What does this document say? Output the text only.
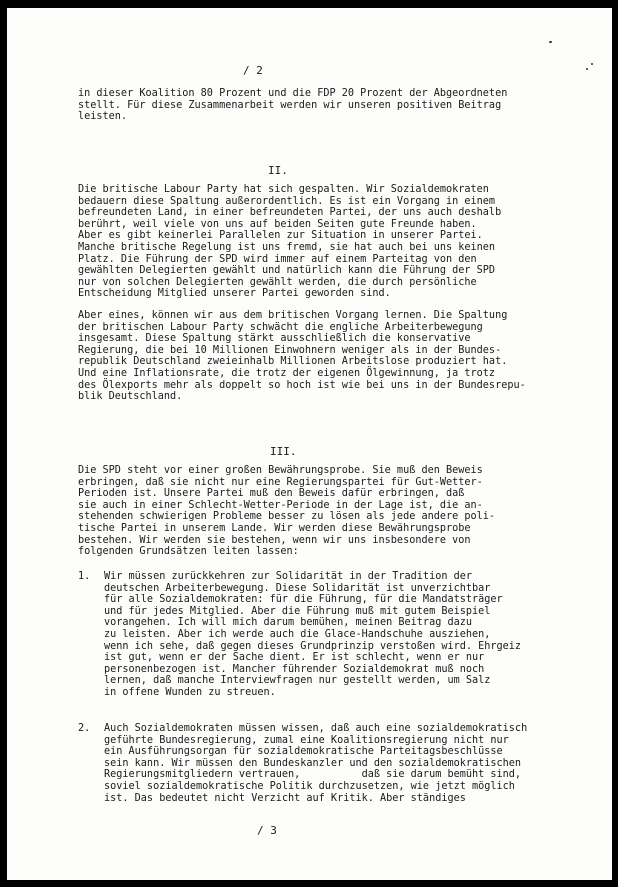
/ 2
in dieser Koalition 80 Prozent und die FDP 20 Prozent der Abgeordneten
stellt. Für diese Zusammenarbeit werden wir unseren positiven Beitrag
leisten.
II.
Die britische Labour Party hat sich gespalten. Wir Sozialdemokraten
bedauern diese Spaltung außerordentlich. Es ist ein Vorgang in einem
befreundeten Land, in einer befreundeten Partei, der uns auch deshalb
berührt, weil viele von uns auf beiden Seiten gute Freunde haben.
Aber es gibt keinerlei Parallelen zur Situation in unserer Partei.
Manche britische Regelung ist uns fremd, sie hat auch bei uns keinen
Platz. Die Führung der SPD wird immer auf einem Parteitag von den
gewählten Delegierten gewählt und natürlich kann die Führung der SPD
nur von solchen Delegierten gewählt werden, die durch persönliche
Entscheidung Mitglied unserer Partei geworden sind.
Aber eines, können wir aus dem britischen Vorgang lernen. Die Spaltung
der britischen Labour Party schwächt die engliche Arbeiterbewegung
insgesamt. Diese Spaltung stärkt ausschließlich die konservative
Regierung, die bei 10 Millionen Einwohnern weniger als in der Bundes-
republik Deutschland zweieinhalb Millionen Arbeitslose produziert hat.
Und eine Inflationsrate, die trotz der eigenen Ölgewinnung, ja trotz
des Ölexports mehr als doppelt so hoch ist wie bei uns in der Bundesrepu-
blik Deutschland.
III.
Die SPD steht vor einer großen Bewährungsprobe. Sie muß den Beweis
erbringen, daß sie nicht nur eine Regierungspartei für Gut-Wetter-
Perioden ist. Unsere Partei muß den Beweis dafür erbringen, daß
sie auch in einer Schlecht-Wetter-Periode in der Lage ist, die an-
stehenden schwierigen Probleme besser zu lösen als jede andere poli-
tische Partei in unserem Lande. Wir werden diese Bewährungsprobe
bestehen. Wir werden sie bestehen, wenn wir uns insbesondere von
folgenden Grundsätzen leiten lassen:
1. Wir müssen zurückkehren zur Solidarität in der Tradition der
deutschen Arbeiterbewegung. Diese Solidarität ist unverzichtbar
für alle Sozialdemokraten: für die Führung, für die Mandatsträger
und für jedes Mitglied. Aber die Führung muß mit gutem Beispiel
vorangehen. Ich will mich darum bemühen, meinen Beitrag dazu
zu leisten. Aber ich werde auch die Glace-Handschuhe ausziehen,
wenn ich sehe, daß gegen dieses Grundprinzip verstoßen wird. Ehrgeiz
ist gut, wenn er der Sache dient. Er ist schlecht, wenn er nur
personenbezogen ist. Mancher führender Sozialdemokrat muß noch
lernen, daß manche Interviewfragen nur gestellt werden, um Salz
in offene Wunden zu streuen.
2. Auch Sozialdemokraten müssen wissen, daß auch eine sozialdemokratisch
geführte Bundesregierung, zumal eine Koalitionsregierung nicht nur
ein Ausführungsorgan für sozialdemokratische Parteitagsbeschlüsse
sein kann. Wir müssen den Bundeskanzler und den sozialdemokratischen
Regierungsmitgliedern vertrauen,          daß sie darum bemüht sind,
soviel sozialdemokratische Politik durchzusetzen, wie jetzt möglich
ist. Das bedeutet nicht Verzicht auf Kritik. Aber ständiges
/ 3
